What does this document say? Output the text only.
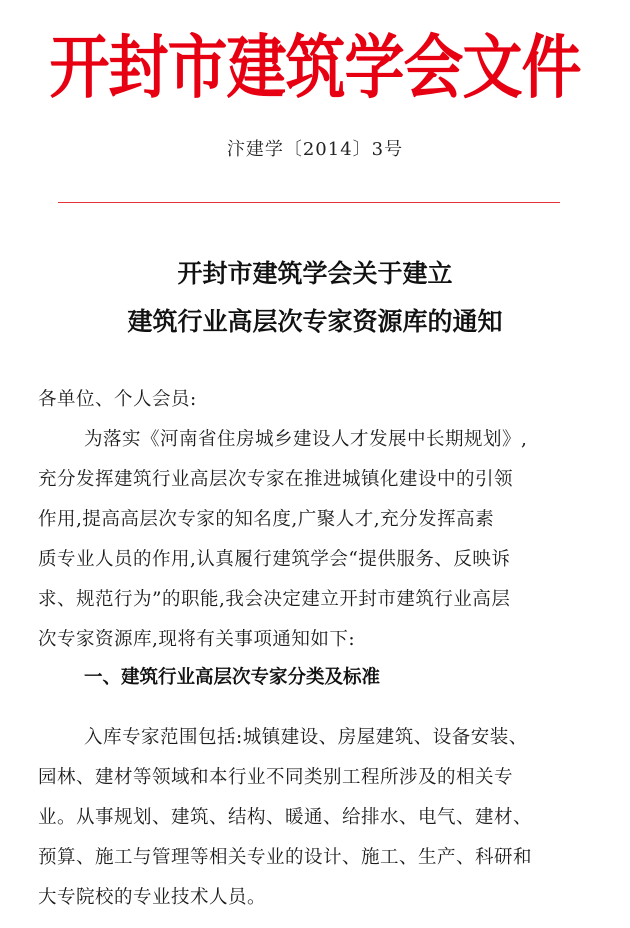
开封市建筑学会文件
汴建学〔2014〕3号
开封市建筑学会关于建立
建筑行业高层次专家资源库的通知
各单位、个人会员:
为落实《河南省住房城乡建设人才发展中长期规划》,
充分发挥建筑行业高层次专家在推进城镇化建设中的引领
作用,提高高层次专家的知名度,广聚人才,充分发挥高素
质专业人员的作用,认真履行建筑学会“提供服务、反映诉
求、规范行为”的职能,我会决定建立开封市建筑行业高层
次专家资源库,现将有关事项通知如下:
一、建筑行业高层次专家分类及标准
入库专家范围包括:城镇建设、房屋建筑、设备安装、
园林、建材等领域和本行业不同类别工程所涉及的相关专
业。从事规划、建筑、结构、暖通、给排水、电气、建材、
预算、施工与管理等相关专业的设计、施工、生产、科研和
大专院校的专业技术人员。
